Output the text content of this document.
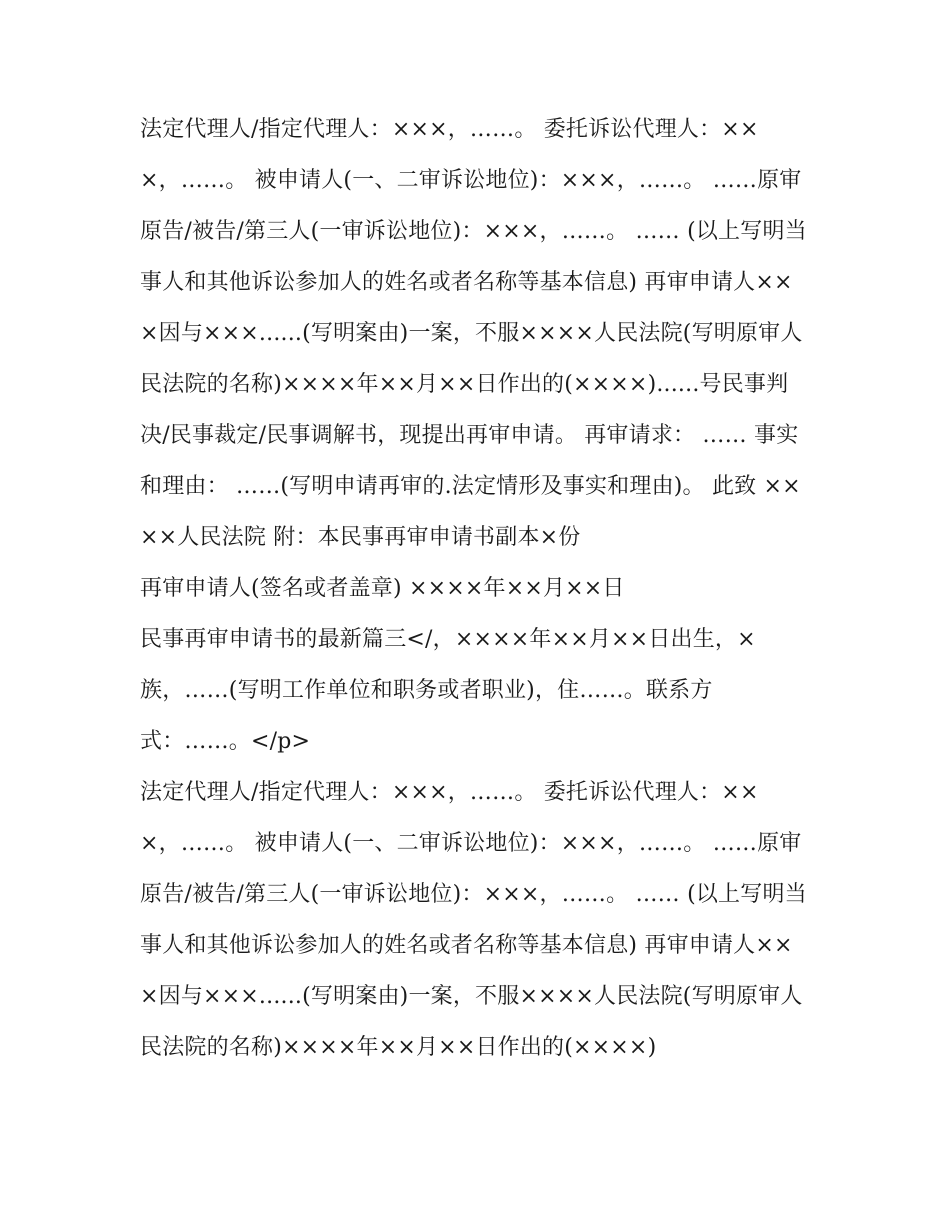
法定代理人/指定代理人：×××，……。 委托诉讼代理人：×××，……。 被申请人(一、二审诉讼地位)：×××，……。 ……原审原告/被告/第三人(一审诉讼地位)：×××，……。 …… (以上写明当事人和其他诉讼参加人的姓名或者名称等基本信息) 再审申请人×××因与×××......(写明案由)一案，不服××××人民法院(写明原审人民法院的名称)××××年××月××日作出的(××××)......号民事判决/民事裁定/民事调解书，现提出再审申请。 再审请求： …… 事实和理由： ……(写明申请再审的.法定情形及事实和理由)。 此致 ××××人民法院 附：本民事再审申请书副本×份

再审申请人(签名或者盖章) ××××年××月××日

民事再审申请书的最新篇三</，××××年××月××日出生，×族，……(写明工作单位和职务或者职业)，住……。联系方式：……。</p>

法定代理人/指定代理人：×××，……。 委托诉讼代理人：×××，……。 被申请人(一、二审诉讼地位)：×××，……。 ……原审原告/被告/第三人(一审诉讼地位)：×××，……。 …… (以上写明当事人和其他诉讼参加人的姓名或者名称等基本信息) 再审申请人×××因与×××......(写明案由)一案，不服××××人民法院(写明原审人民法院的名称)××××年××月××日作出的(××××)
